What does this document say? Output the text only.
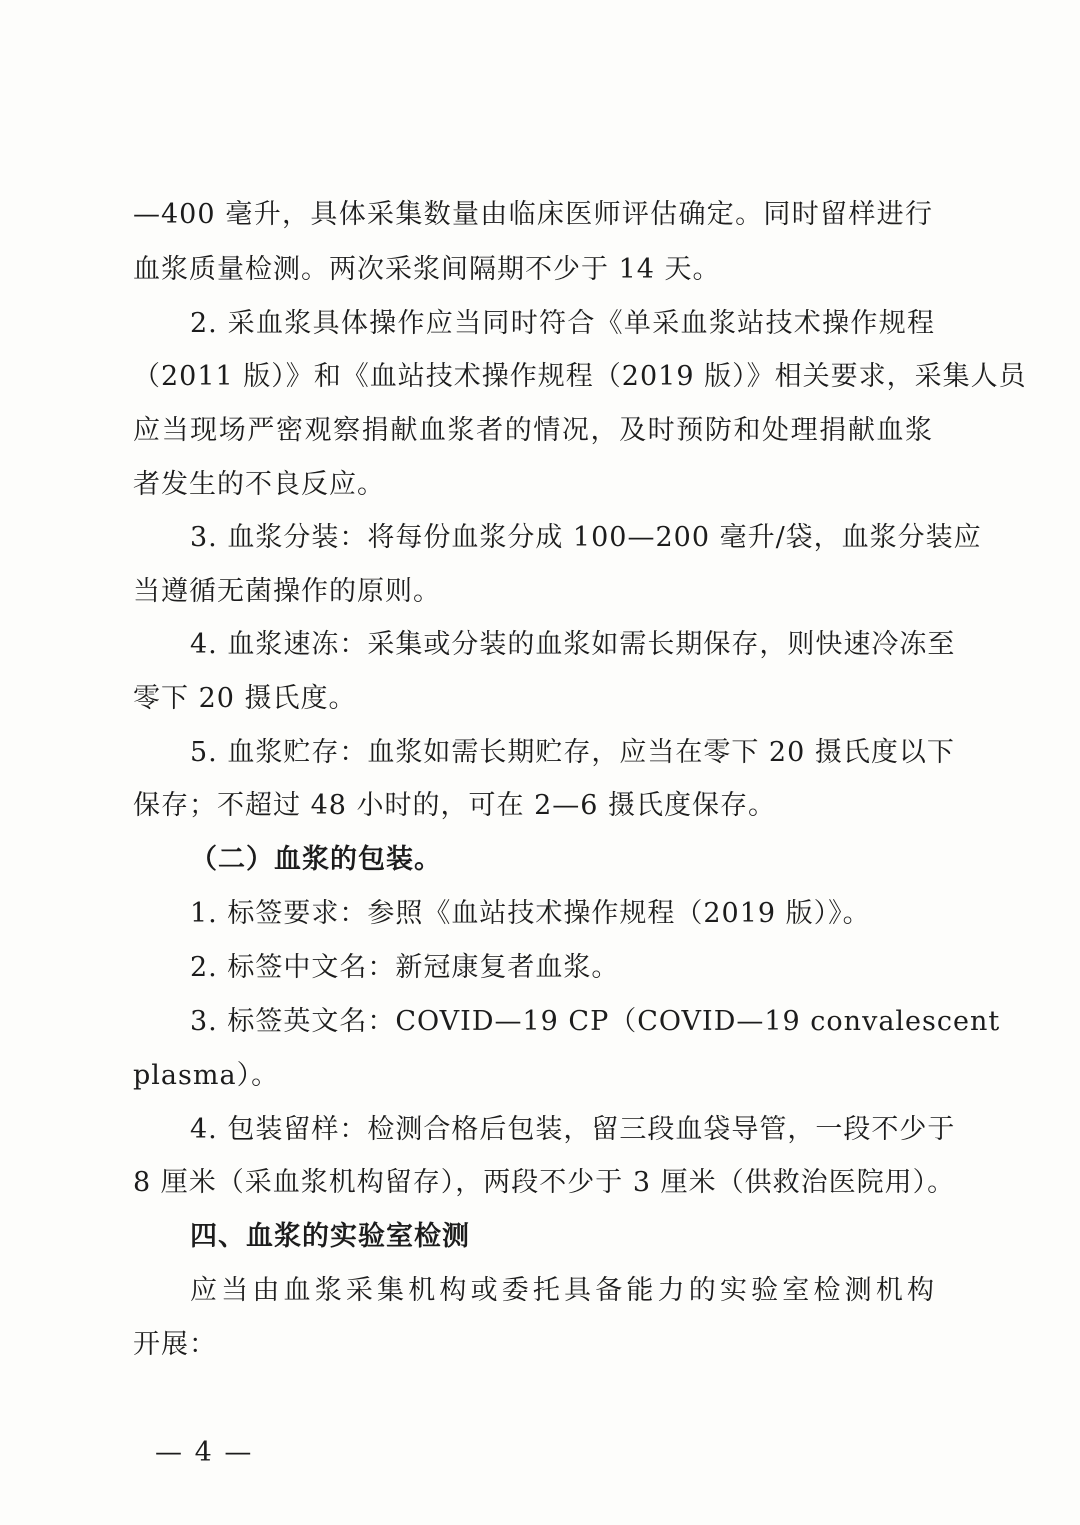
—400 毫升，具体采集数量由临床医师评估确定。同时留样进行
血浆质量检测。两次采浆间隔期不少于 14 天。
2. 采血浆具体操作应当同时符合《单采血浆站技术操作规程
（2011 版）》和《血站技术操作规程（2019 版）》相关要求，采集人员
应当现场严密观察捐献血浆者的情况，及时预防和处理捐献血浆
者发生的不良反应。
3. 血浆分装：将每份血浆分成 100—200 毫升/袋，血浆分装应
当遵循无菌操作的原则。
4. 血浆速冻：采集或分装的血浆如需长期保存，则快速冷冻至
零下 20 摄氏度。
5. 血浆贮存：血浆如需长期贮存，应当在零下 20 摄氏度以下
保存；不超过 48 小时的，可在 2—6 摄氏度保存。
（二）血浆的包装。
1. 标签要求：参照《血站技术操作规程（2019 版）》。
2. 标签中文名：新冠康复者血浆。
3. 标签英文名：COVID—19 CP（COVID—19 convalescent
plasma）。
4. 包装留样：检测合格后包装，留三段血袋导管，一段不少于
8 厘米（采血浆机构留存），两段不少于 3 厘米（供救治医院用）。
四、血浆的实验室检测
应当由血浆采集机构或委托具备能力的实验室检测机构
开展：
— 4 —
